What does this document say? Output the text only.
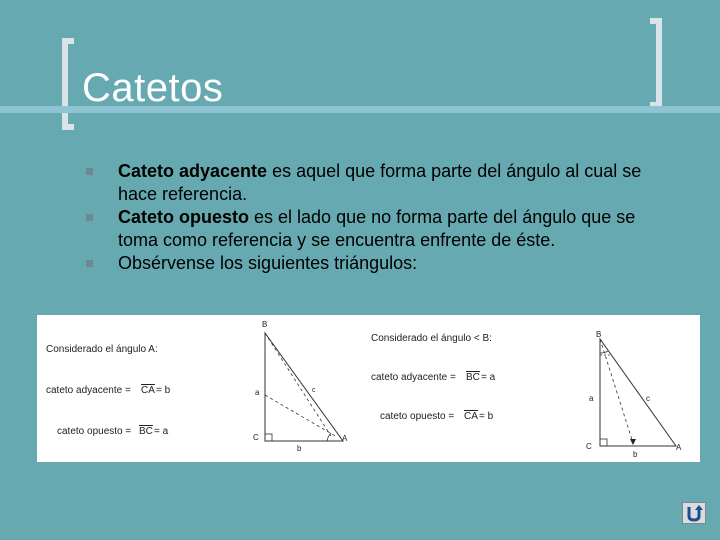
Catetos
Cateto adyacente es aquel que forma parte del ángulo al cual se hace referencia.
Cateto opuesto es el lado que no forma parte del ángulo que se toma como referencia y se encuentra enfrente de éste.
Obsérvense los siguientes triángulos:
Considerado el ángulo A:
cateto adyacente = CA = b
cateto opuesto = BC = a
B
C	A
a
b
c
Considerado el ángulo < B:
cateto adyacente = BC = a
cateto opuesto = CA = b
B
C	A
a
b
c
